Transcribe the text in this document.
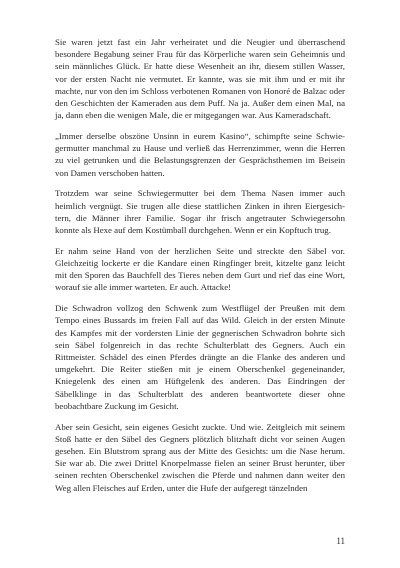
Sie waren jetzt fast ein Jahr verheiratet und die Neugier und überraschend besondere Begabung seiner Frau für das Körperliche waren sein Geheimnis und sein männliches Glück. Er hatte diese Wesenheit an ihr, diesem stillen Wasser, vor der ersten Nacht nie vermutet. Er kannte, was sie mit ihm und er mit ihr machte, nur von den im Schloss verbotenen Romanen von Honoré de Balzac oder den Geschichten der Kameraden aus dem Puff. Na ja. Außer dem einen Mal, na ja, dann eben die wenigen Male, die er mitgegangen war. Aus Kameradschaft.

„Immer derselbe obszöne Unsinn in eurem Kasino“, schimpfte seine Schwiegermutter manchmal zu Hause und verließ das Herrenzimmer, wenn die Herren zu viel getrunken und die Belastungsgrenzen der Gesprächsthemen im Beisein von Damen verschoben hatten.

Trotzdem war seine Schwiegermutter bei dem Thema Nasen immer auch heimlich vergnügt. Sie trugen alle diese stattlichen Zinken in ihren Eiergesichtern, die Männer ihrer Familie. Sogar ihr frisch angetrauter Schwiegersohn konnte als Hexe auf dem Kostümball durchgehen. Wenn er ein Kopftuch trug.

Er nahm seine Hand von der herzlichen Seite und streckte den Säbel vor. Gleichzeitig lockerte er die Kandare einen Ringfinger breit, kitzelte ganz leicht mit den Sporen das Bauchfell des Tieres neben dem Gurt und rief das eine Wort, worauf sie alle immer warteten. Er auch. Attacke!

Die Schwadron vollzog den Schwenk zum Westflügel der Preußen mit dem Tempo eines Bussards im freien Fall auf das Wild. Gleich in der ersten Minute des Kampfes mit der vordersten Linie der gegnerischen Schwadron bohrte sich sein Säbel folgenreich in das rechte Schulterblatt des Gegners. Auch ein Rittmeister. Schädel des einen Pferdes drängte an die Flanke des anderen und umgekehrt. Die Reiter stießen mit je einem Oberschenkel gegeneinander, Kniegelenk des einen am Hüftgelenk des anderen. Das Eindringen der Säbelklinge in das Schulterblatt des anderen beantwortete dieser ohne beobachtbare Zuckung im Gesicht.

Aber sein Gesicht, sein eigenes Gesicht zuckte. Und wie. Zeitgleich mit seinem Stoß hatte er den Säbel des Gegners plötzlich blitzhaft dicht vor seinen Augen gesehen. Ein Blutstrom sprang aus der Mitte des Gesichts: um die Nase herum. Sie war ab. Die zwei Drittel Knorpelmasse fielen an seiner Brust herunter, über seinen rechten Oberschenkel zwischen die Pferde und nahmen dann weiter den Weg allen Fleisches auf Erden, unter die Hufe der aufgeregt tänzelnden

11
